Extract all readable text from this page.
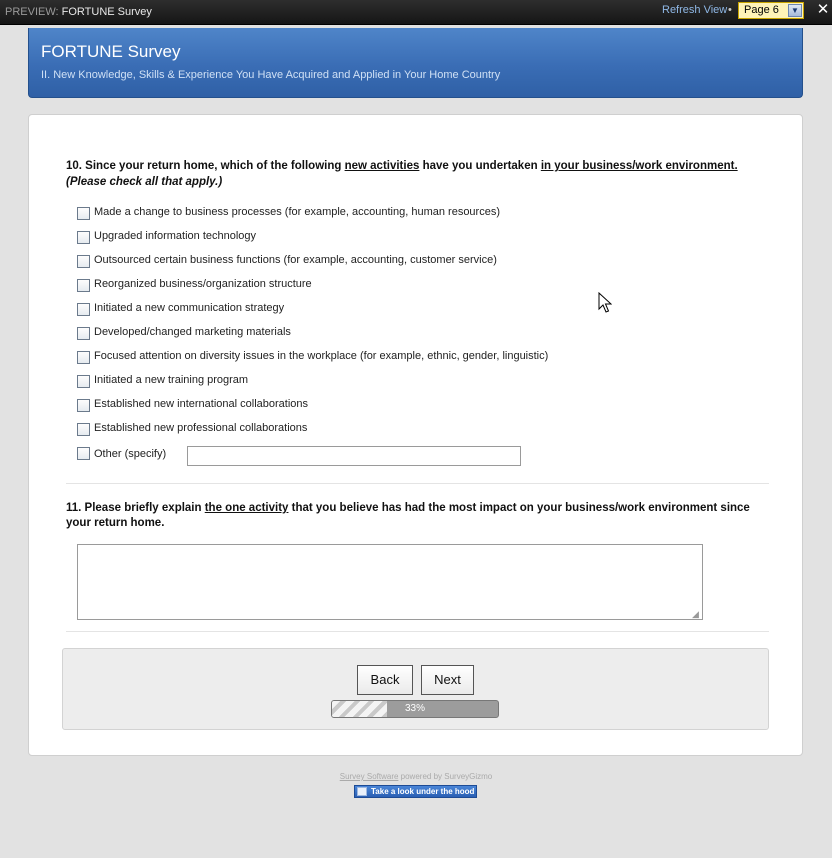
PREVIEW: FORTUNE Survey	Refresh View •	Page 6	▼ ✕
FORTUNE Survey
II. New Knowledge, Skills & Experience You Have Acquired and Applied in Your Home Country
10. Since your return home, which of the following new activities have you undertaken in your business/work environment.
(Please check all that apply.)
Made a change to business processes (for example, accounting, human resources)
Upgraded information technology
Outsourced certain business functions (for example, accounting, customer service)
Reorganized business/organization structure
Initiated a new communication strategy
Developed/changed marketing materials
Focused attention on diversity issues in the workplace (for example, ethnic, gender, linguistic)
Initiated a new training program
Established new international collaborations
Established new professional collaborations
Other (specify)
11. Please briefly explain the one activity that you believe has had the most impact on your business/work environment since your return home.
◢
Back	Next
33%
Survey Software powered by SurveyGizmo
Take a look under the hood
